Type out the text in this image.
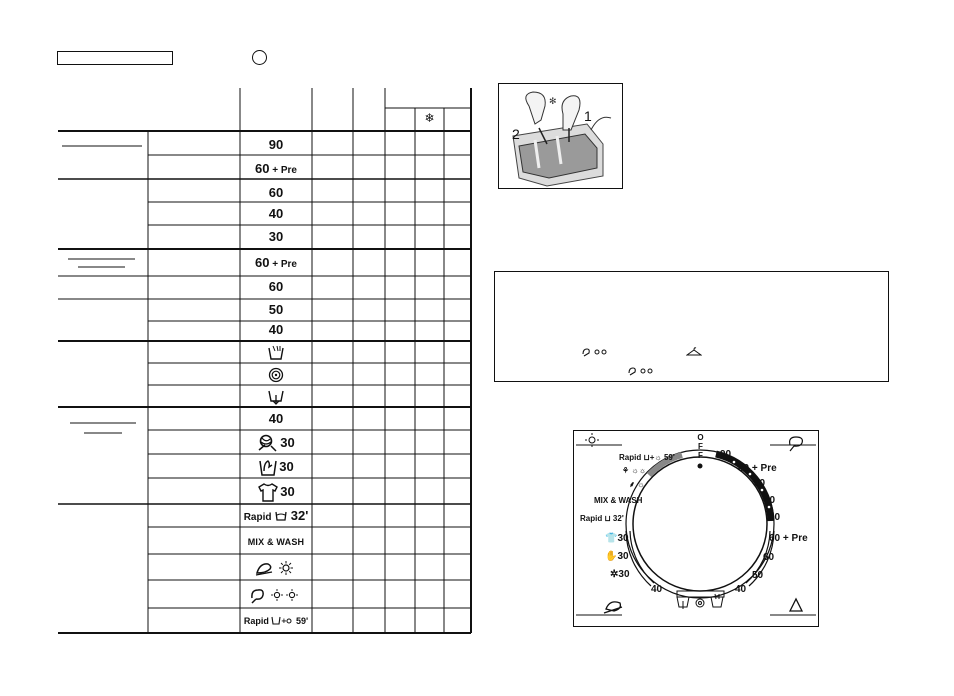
❄
90
60 + Pre
60
40
30
60 + Pre
60
50
40
40
30
30
30
Rapid 32'
MIX & WASH
Rapid + 59'
✻
1
2
OFF 90
60 + Pre
60
40
30
60 + Pre
60
50
40
Rapid ⊔+☼ 59'
⚘ ☼☼
⸙ ☼
MIX & WASH
Rapid ⊔ 32'
👕30
✋30
✲30
40
